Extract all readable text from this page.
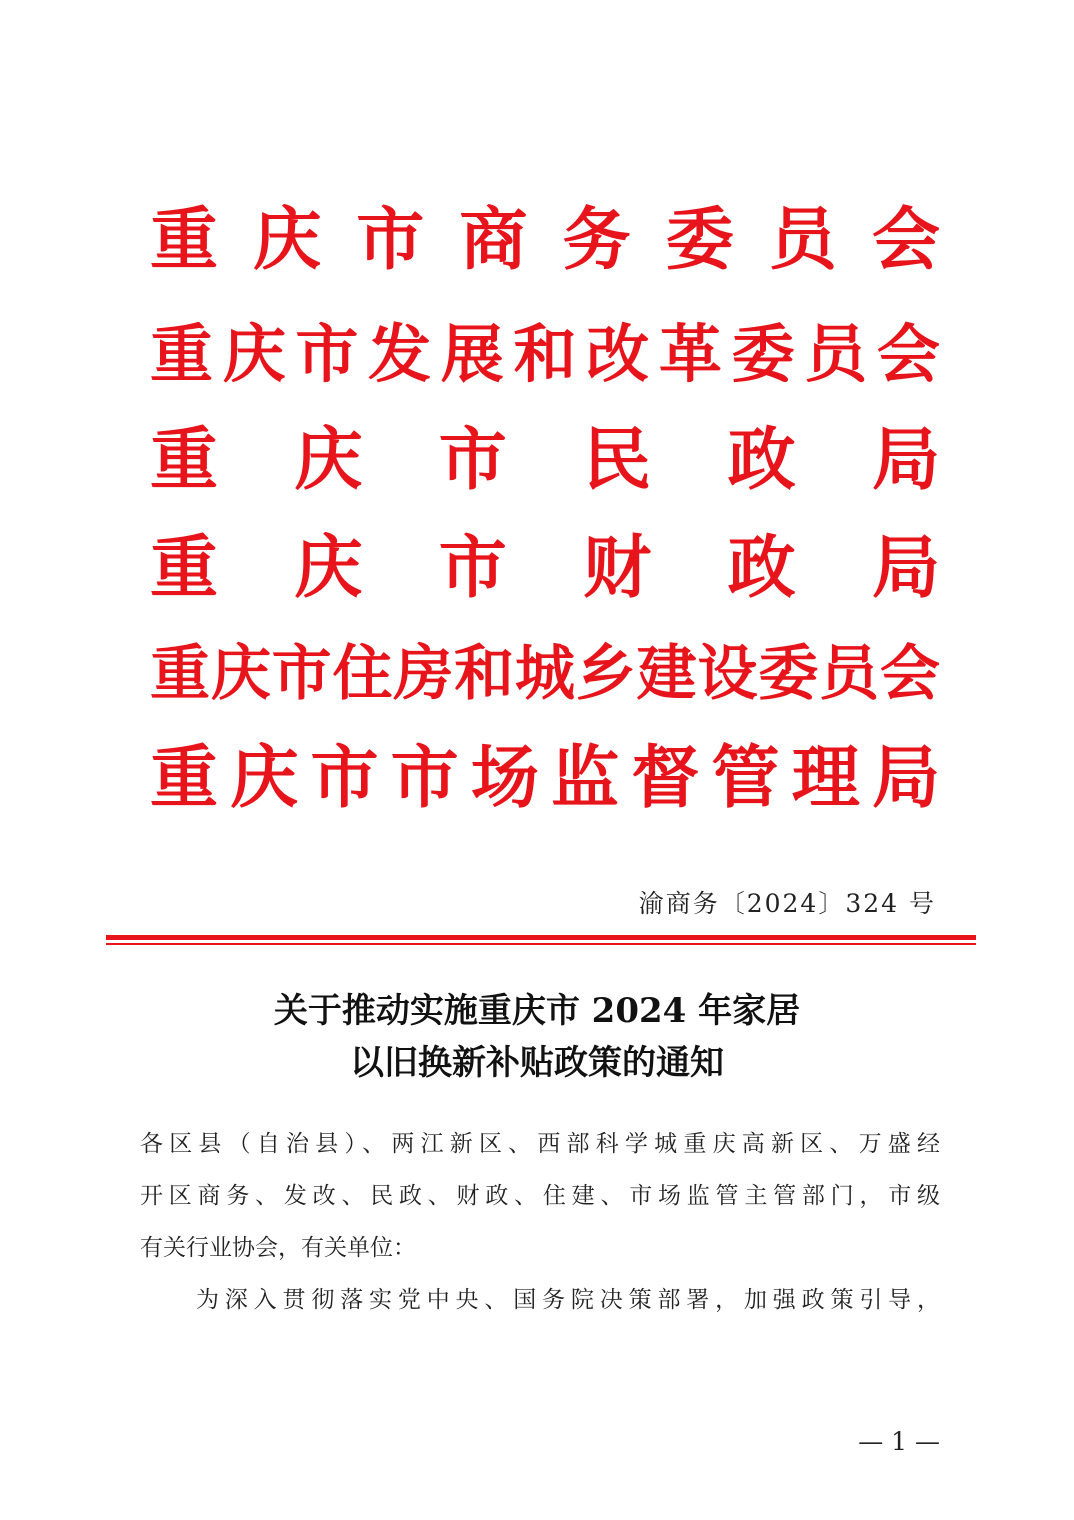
重 庆 市 商 务 委 员 会
重 庆 市 发 展 和 改 革 委 员 会
重 庆 市 民 政 局
重 庆 市 财 政 局
重 庆 市 住 房 和 城 乡 建 设 委 员 会
重 庆 市 市 场 监 督 管 理 局
渝商务〔2024〕324 号
关于推动实施重庆市 2024 年家居
以旧换新补贴政策的通知
各区县（自治县）、两江新区、西部科学城重庆高新区、万盛经
开区商务、发改、民政、财政、住建、市场监管主管部门，市级
有关行业协会，有关单位：
为深入贯彻落实党中央、国务院决策部署，加强政策引导，
— 1 —
